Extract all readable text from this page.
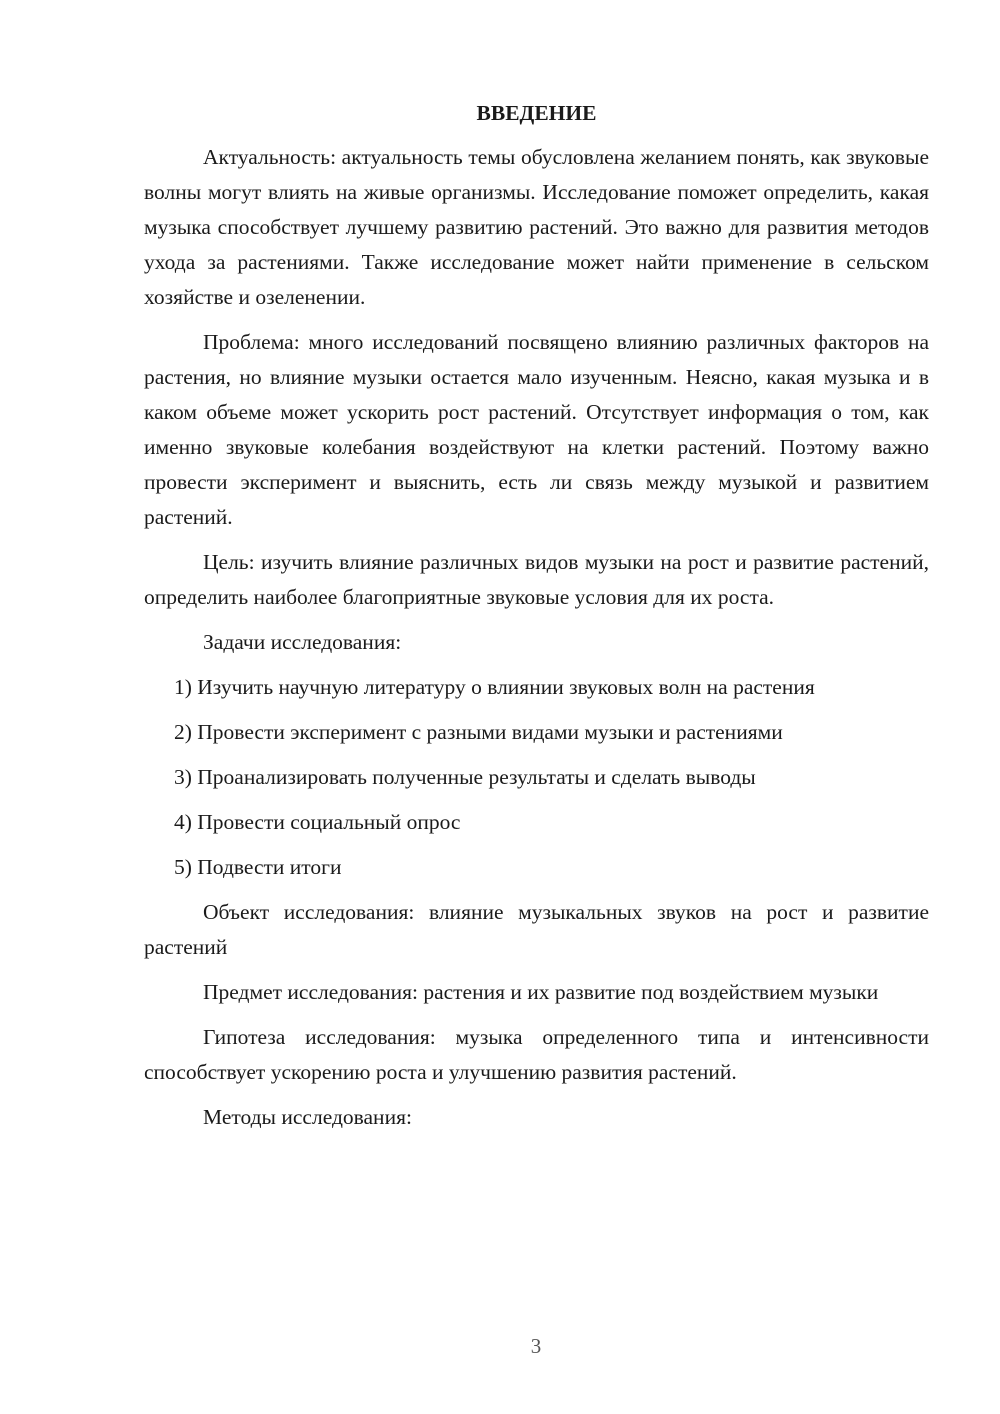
ВВЕДЕНИЕ

Актуальность: актуальность темы обусловлена желанием понять, как звуковые волны могут влиять на живые организмы. Исследование поможет определить, какая музыка способствует лучшему развитию растений. Это важно для развития методов ухода за растениями. Также исследование может найти применение в сельском хозяйстве и озеленении.

Проблема: много исследований посвящено влиянию различных факторов на растения, но влияние музыки остается мало изученным. Неясно, какая музыка и в каком объеме может ускорить рост растений. Отсутствует информация о том, как именно звуковые колебания воздействуют на клетки растений. Поэтому важно провести эксперимент и выяснить, есть ли связь между музыкой и развитием растений.

Цель: изучить влияние различных видов музыки на рост и развитие растений, определить наиболее благоприятные звуковые условия для их роста.

Задачи исследования:

1) Изучить научную литературу о влиянии звуковых волн на растения
2) Провести эксперимент с разными видами музыки и растениями
3) Проанализировать полученные результаты и сделать выводы
4) Провести социальный опрос
5) Подвести итоги

Объект исследования: влияние музыкальных звуков на рост и развитие растений

Предмет исследования: растения и их развитие под воздействием музыки

Гипотеза исследования: музыка определенного типа и интенсивности способствует ускорению роста и улучшению развития растений.

Методы исследования:

3
